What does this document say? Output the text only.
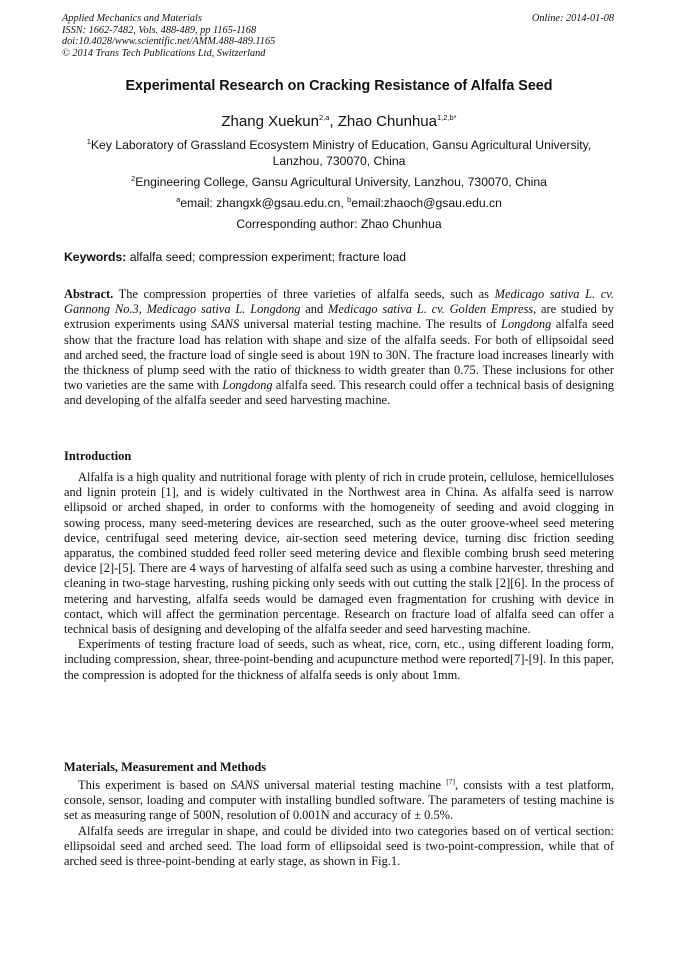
Applied Mechanics and Materials
ISSN: 1662-7482, Vols. 488-489, pp 1165-1168
doi:10.4028/www.scientific.net/AMM.488-489.1165
© 2014 Trans Tech Publications Ltd, Switzerland
Online: 2014-01-08
Experimental Research on Cracking Resistance of Alfalfa Seed
Zhang Xuekun$^{2,a}$, Zhao Chunhua$^{1,2,b*}$
$^1$Key Laboratory of Grassland Ecosystem Ministry of Education, Gansu Agricultural University, Lanzhou, 730070, China
$^2$Engineering College, Gansu Agricultural University, Lanzhou, 730070, China
$^a$email: zhangxk@gsau.edu.cn, $^b$email:zhaoch@gsau.edu.cn
Corresponding author: Zhao Chunhua
Keywords: alfalfa seed; compression experiment; fracture load

Abstract. The compression properties of three varieties of alfalfa seeds, such as Medicago sativa L. cv. Gannong No.3, Medicago sativa L. Longdong and Medicago sativa L. cv. Golden Empress, are studied by extrusion experiments using SANS universal material testing machine. The results of Longdong alfalfa seed show that the fracture load has relation with shape and size of the alfalfa seeds. For both of ellipsoidal seed and arched seed, the fracture load of single seed is about 19N to 30N. The fracture load increases linearly with the thickness of plump seed with the ratio of thickness to width greater than 0.75. These inclusions for other two varieties are the same with Longdong alfalfa seed. This research could offer a technical basis of designing and developing of the alfalfa seeder and seed harvesting machine.

Introduction

Alfalfa is a high quality and nutritional forage with plenty of rich in crude protein, cellulose, hemicelluloses and lignin protein [1], and is widely cultivated in the Northwest area in China. As alfalfa seed is narrow ellipsoid or arched shaped, in order to conforms with the homogeneity of seeding and avoid clogging in sowing process, many seed-metering devices are researched, such as the outer groove-wheel seed metering device, centrifugal seed metering device, air-section seed metering device, turning disc friction seeding apparatus, the combined studded feed roller seed metering device and flexible combing brush seed metering device [2]-[5]. There are 4 ways of harvesting of alfalfa seed such as using a combine harvester, threshing and cleaning in two-stage harvesting, rushing picking only seeds with out cutting the stalk [2][6]. In the process of metering and harvesting, alfalfa seeds would be damaged even fragmentation for crushing with device in contact, which will affect the germination percentage. Research on fracture load of alfalfa seed can offer a technical basis of designing and developing of the alfalfa seeder and seed harvesting machine.

Experiments of testing fracture load of seeds, such as wheat, rice, corn, etc., using different loading form, including compression, shear, three-point-bending and acupuncture method were reported[7]-[9]. In this paper, the compression is adopted for the thickness of alfalfa seeds is only about 1mm.

Materials, Measurement and Methods

This experiment is based on SANS universal material testing machine [7], consists with a test platform, console, sensor, loading and computer with installing bundled software. The parameters of testing machine is set as measuring range of 500N, resolution of 0.001N and accuracy of ± 0.5%.

Alfalfa seeds are irregular in shape, and could be divided into two categories based on of vertical section: ellipsoidal seed and arched seed. The load form of ellipsoidal seed is two-point-compression, while that of arched seed is three-point-bending at early stage, as shown in Fig.1.
